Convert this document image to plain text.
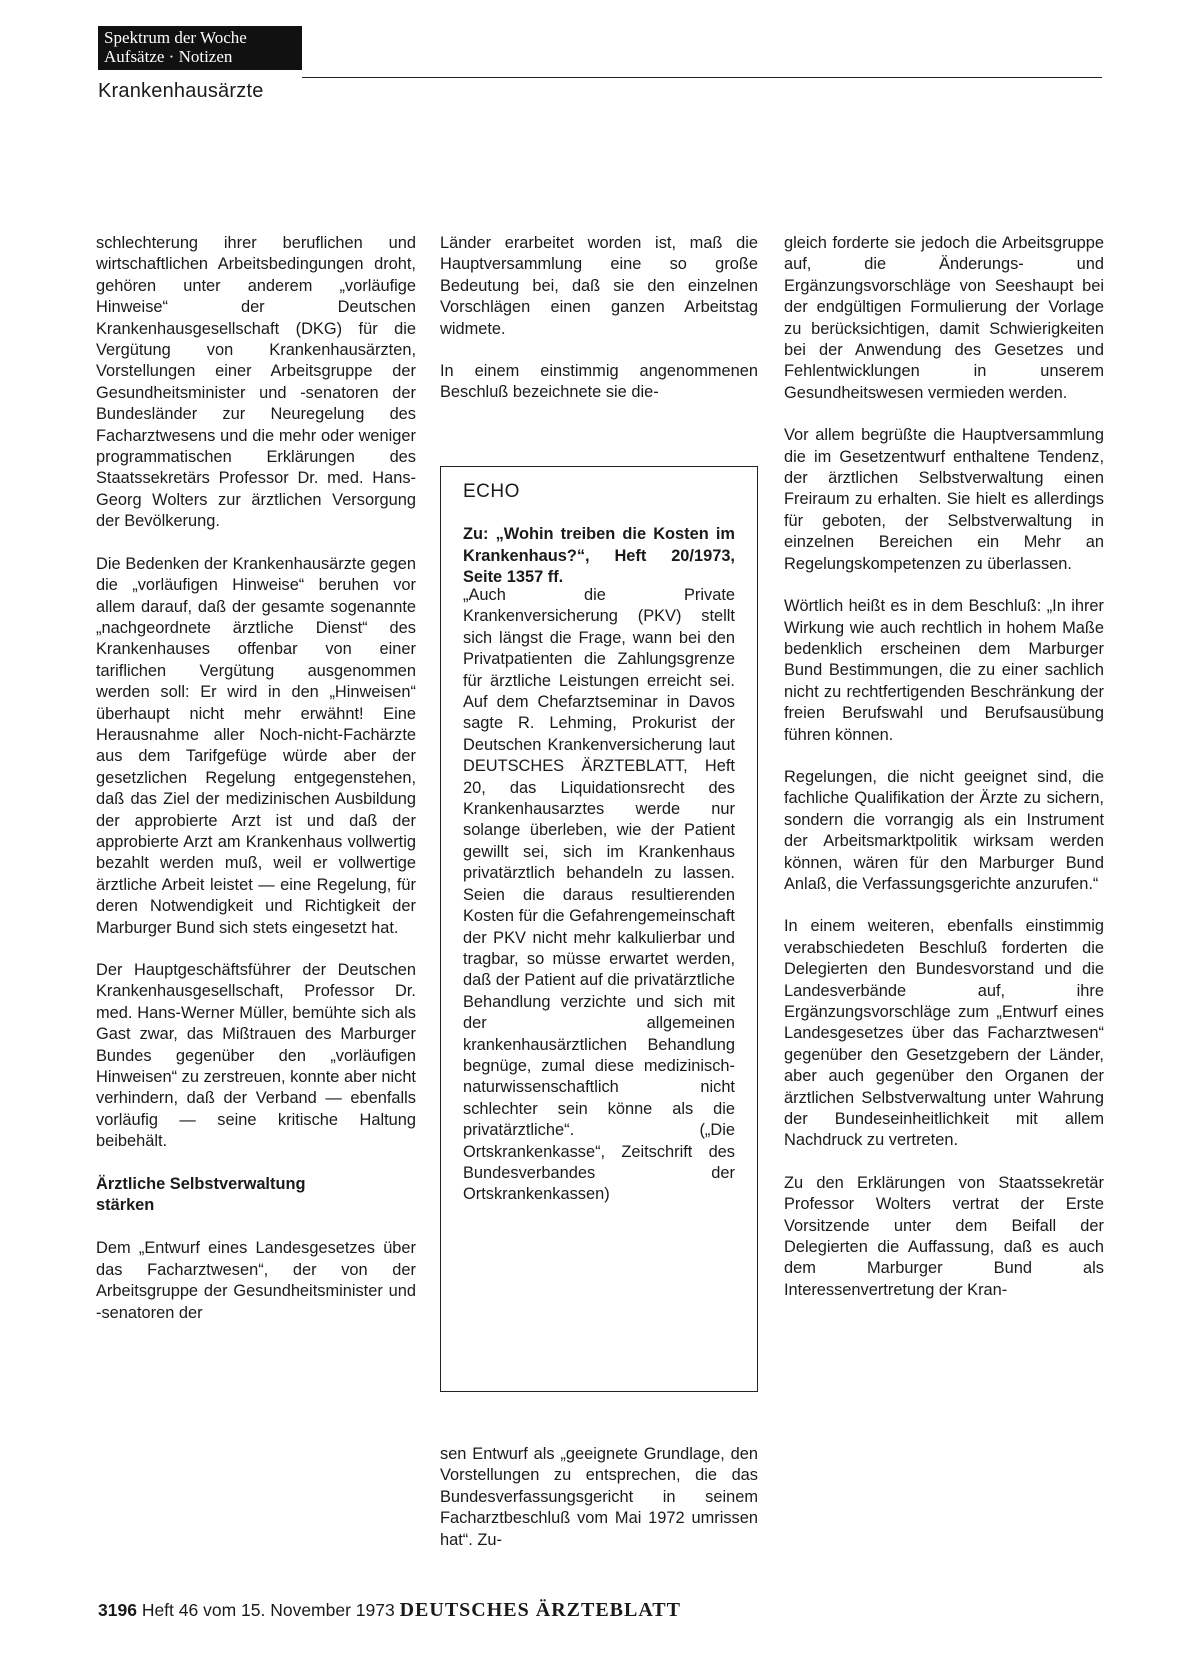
Spektrum der Woche
Aufsätze · Notizen
Krankenhausärzte

schlechterung ihrer beruflichen und wirtschaftlichen Arbeitsbedingungen droht, gehören unter anderem „vorläufige Hinweise“ der Deutschen Krankenhausgesellschaft (DKG) für die Vergütung von Krankenhausärzten, Vorstellungen einer Arbeitsgruppe der Gesundheitsminister und -senatoren der Bundesländer zur Neuregelung des Facharztwesens und die mehr oder weniger programmatischen Erklärungen des Staatssekretärs Professor Dr. med. Hans-Georg Wolters zur ärztlichen Versorgung der Bevölkerung.

Die Bedenken der Krankenhausärzte gegen die „vorläufigen Hinweise“ beruhen vor allem darauf, daß der gesamte sogenannte „nachgeordnete ärztliche Dienst“ des Krankenhauses offenbar von einer tariflichen Vergütung ausgenommen werden soll: Er wird in den „Hinweisen“ überhaupt nicht mehr erwähnt! Eine Herausnahme aller Noch-nicht-Fachärzte aus dem Tarifgefüge würde aber der gesetzlichen Regelung entgegenstehen, daß das Ziel der medizinischen Ausbildung der approbierte Arzt ist und daß der approbierte Arzt am Krankenhaus vollwertig bezahlt werden muß, weil er vollwertige ärztliche Arbeit leistet — eine Regelung, für deren Notwendigkeit und Richtigkeit der Marburger Bund sich stets eingesetzt hat.

Der Hauptgeschäftsführer der Deutschen Krankenhausgesellschaft, Professor Dr. med. Hans-Werner Müller, bemühte sich als Gast zwar, das Mißtrauen des Marburger Bundes gegenüber den „vorläufigen Hinweisen“ zu zerstreuen, konnte aber nicht verhindern, daß der Verband — ebenfalls vorläufig — seine kritische Haltung beibehält.

Ärztliche Selbstverwaltung
stärken

Dem „Entwurf eines Landesgesetzes über das Facharztwesen“, der von der Arbeitsgruppe der Gesundheitsminister und -senatoren der

Länder erarbeitet worden ist, maß die Hauptversammlung eine so große Bedeutung bei, daß sie den einzelnen Vorschlägen einen ganzen Arbeitstag widmete.

In einem einstimmig angenommenen Beschluß bezeichnete sie die-

ECHO
Zu: „Wohin treiben die Kosten im Krankenhaus?“, Heft 20/1973, Seite 1357 ff.
„Auch die Private Krankenversicherung (PKV) stellt sich längst die Frage, wann bei den Privatpatienten die Zahlungsgrenze für ärztliche Leistungen erreicht sei. Auf dem Chefarztseminar in Davos sagte R. Lehming, Prokurist der Deutschen Krankenversicherung laut DEUTSCHES ÄRZTEBLATT, Heft 20, das Liquidationsrecht des Krankenhausarztes werde nur solange überleben, wie der Patient gewillt sei, sich im Krankenhaus privatärztlich behandeln zu lassen. Seien die daraus resultierenden Kosten für die Gefahrengemeinschaft der PKV nicht mehr kalkulierbar und tragbar, so müsse erwartet werden, daß der Patient auf die privatärztliche Behandlung verzichte und sich mit der allgemeinen krankenhausärztlichen Behandlung begnüge, zumal diese medizinisch-naturwissenschaftlich nicht schlechter sein könne als die privatärztliche“. („Die Ortskrankenkasse“, Zeitschrift des Bundesverbandes der Ortskrankenkassen)

sen Entwurf als „geeignete Grundlage, den Vorstellungen zu entsprechen, die das Bundesverfassungsgericht in seinem Facharztbeschluß vom Mai 1972 umrissen hat“. Zu-

gleich forderte sie jedoch die Arbeitsgruppe auf, die Änderungs- und Ergänzungsvorschläge von Seeshaupt bei der endgültigen Formulierung der Vorlage zu berücksichtigen, damit Schwierigkeiten bei der Anwendung des Gesetzes und Fehlentwicklungen in unserem Gesundheitswesen vermieden werden.

Vor allem begrüßte die Hauptversammlung die im Gesetzentwurf enthaltene Tendenz, der ärztlichen Selbstverwaltung einen Freiraum zu erhalten. Sie hielt es allerdings für geboten, der Selbstverwaltung in einzelnen Bereichen ein Mehr an Regelungskompetenzen zu überlassen.

Wörtlich heißt es in dem Beschluß: „In ihrer Wirkung wie auch rechtlich in hohem Maße bedenklich erscheinen dem Marburger Bund Bestimmungen, die zu einer sachlich nicht zu rechtfertigenden Beschränkung der freien Berufswahl und Berufsausübung führen können.

Regelungen, die nicht geeignet sind, die fachliche Qualifikation der Ärzte zu sichern, sondern die vorrangig als ein Instrument der Arbeitsmarktpolitik wirksam werden können, wären für den Marburger Bund Anlaß, die Verfassungsgerichte anzurufen.“

In einem weiteren, ebenfalls einstimmig verabschiedeten Beschluß forderten die Delegierten den Bundesvorstand und die Landesverbände auf, ihre Ergänzungsvorschläge zum „Entwurf eines Landesgesetzes über das Facharztwesen“ gegenüber den Gesetzgebern der Länder, aber auch gegenüber den Organen der ärztlichen Selbstverwaltung unter Wahrung der Bundeseinheitlichkeit mit allem Nachdruck zu vertreten.

Zu den Erklärungen von Staatssekretär Professor Wolters vertrat der Erste Vorsitzende unter dem Beifall der Delegierten die Auffassung, daß es auch dem Marburger Bund als Interessenvertretung der Kran-

3196 Heft 46 vom 15. November 1973 DEUTSCHES ÄRZTEBLATT
